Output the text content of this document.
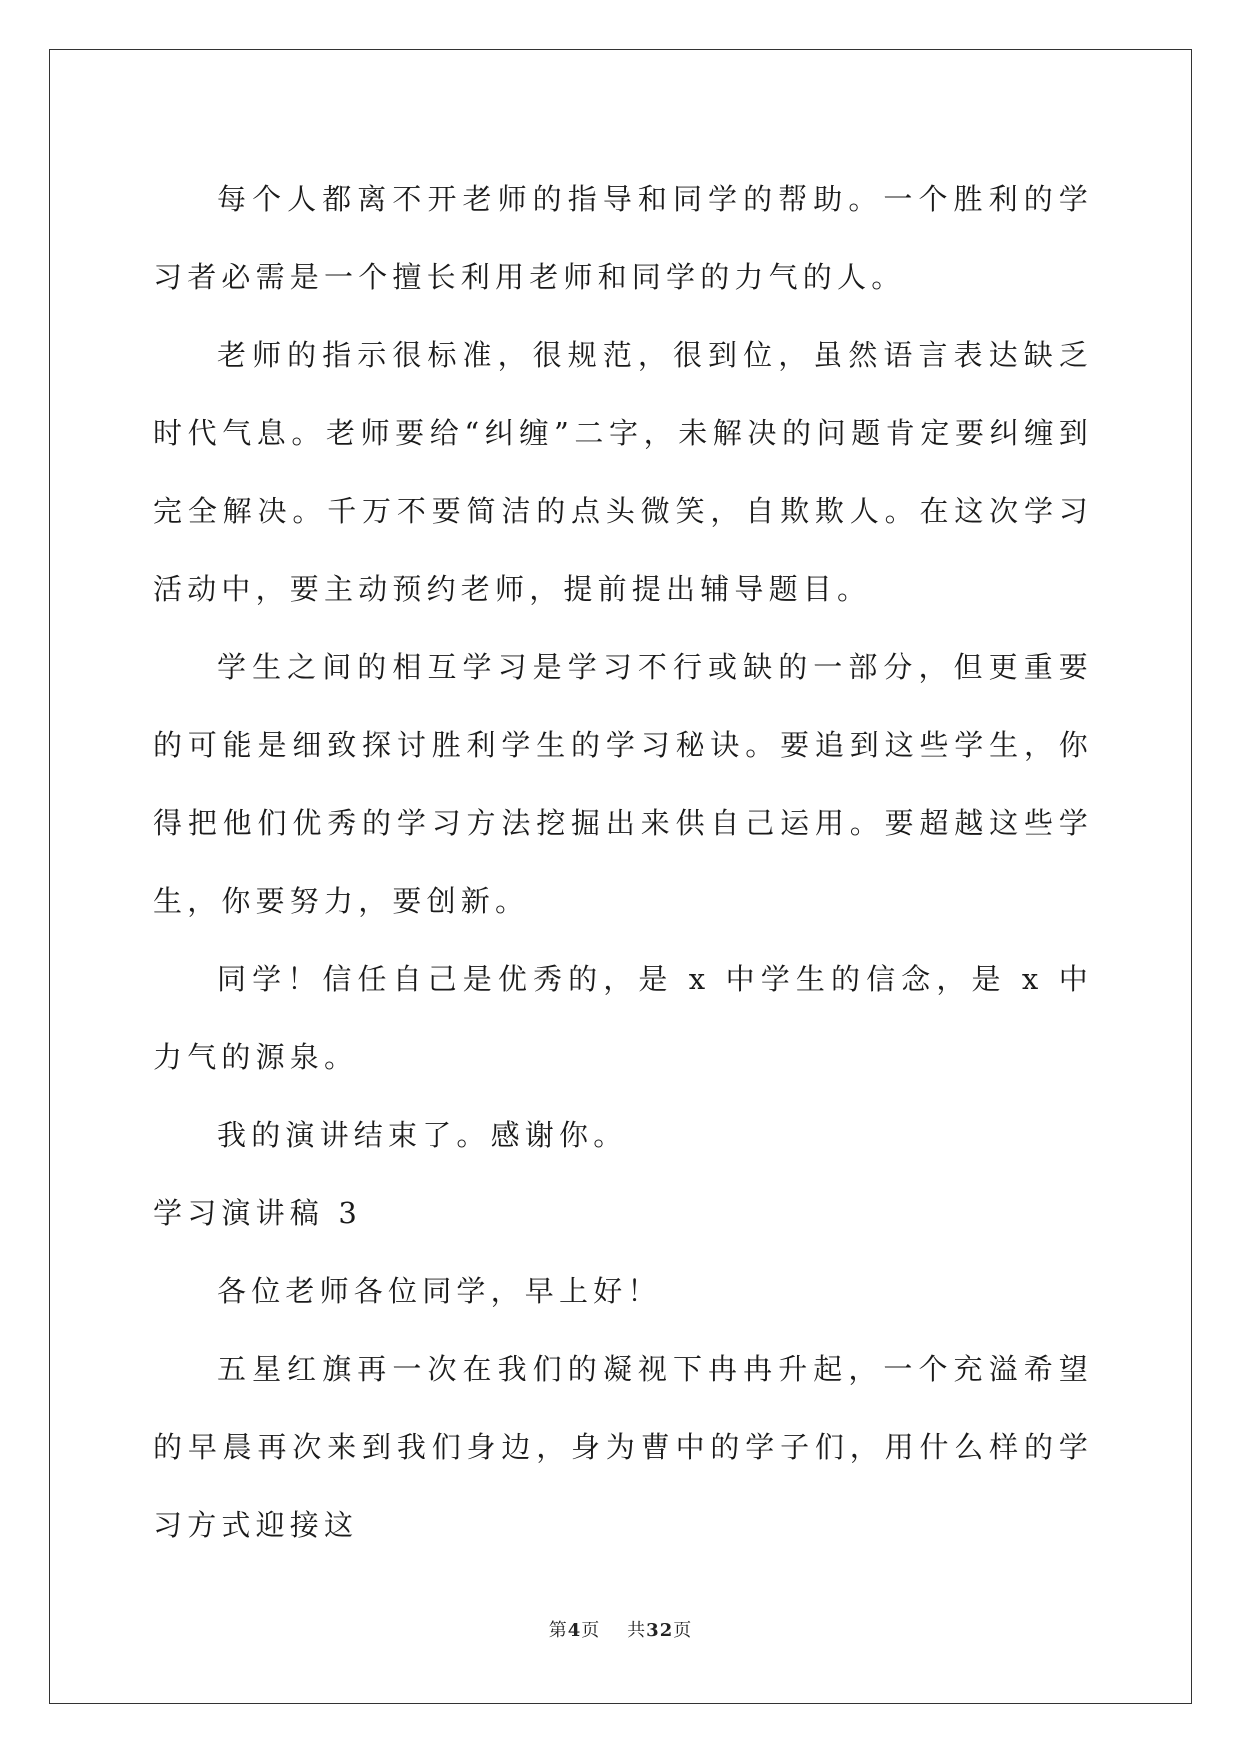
每个人都离不开老师的指导和同学的帮助。一个胜利的学习者必需是一个擅长利用老师和同学的力气的人。

老师的指示很标准，很规范，很到位，虽然语言表达缺乏时代气息。老师要给“纠缠”二字，未解决的问题肯定要纠缠到完全解决。千万不要简洁的点头微笑，自欺欺人。在这次学习活动中，要主动预约老师，提前提出辅导题目。

学生之间的相互学习是学习不行或缺的一部分，但更重要的可能是细致探讨胜利学生的学习秘诀。要追到这些学生，你得把他们优秀的学习方法挖掘出来供自己运用。要超越这些学生，你要努力，要创新。

同学！信任自己是优秀的，是 x 中学生的信念，是 x 中力气的源泉。

我的演讲结束了。感谢你。

学习演讲稿 3

各位老师各位同学，早上好！

五星红旗再一次在我们的凝视下冉冉升起，一个充溢希望的早晨再次来到我们身边，身为曹中的学子们，用什么样的学习方式迎接这

第4页 共32页
